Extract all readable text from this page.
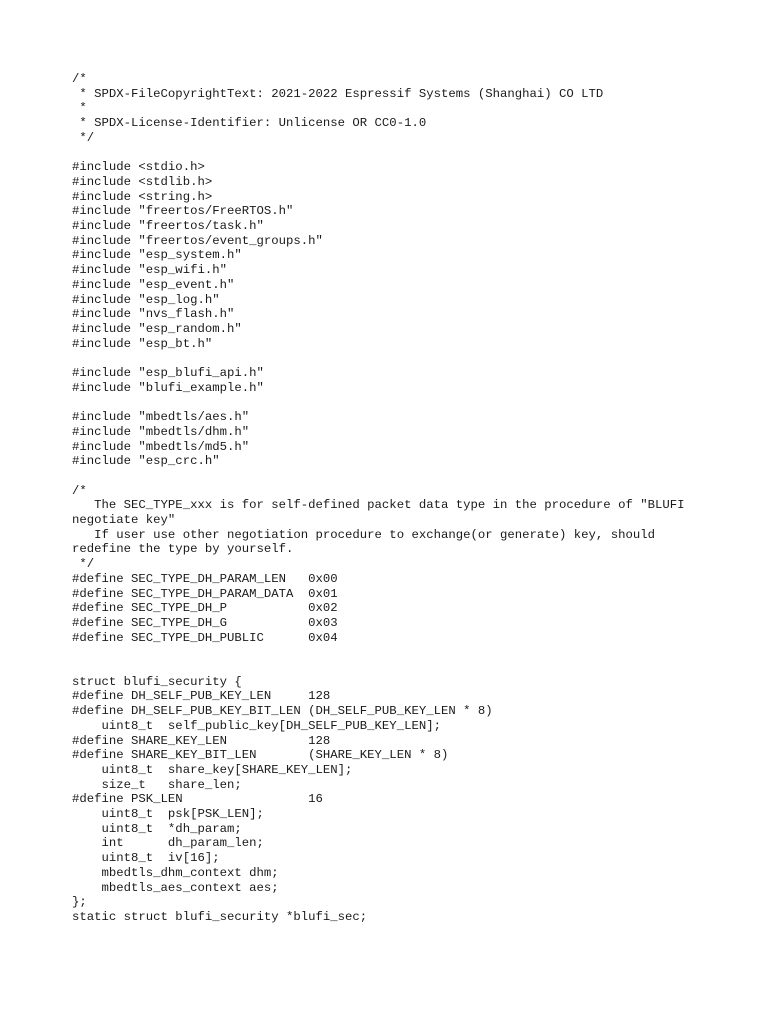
/*
* SPDX-FileCopyrightText: 2021-2022 Espressif Systems (Shanghai) CO LTD
*
* SPDX-License-Identifier: Unlicense OR CC0-1.0
*/
#include <stdio.h>
#include <stdlib.h>
#include <string.h>
#include "freertos/FreeRTOS.h"
#include "freertos/task.h"
#include "freertos/event_groups.h"
#include "esp_system.h"
#include "esp_wifi.h"
#include "esp_event.h"
#include "esp_log.h"
#include "nvs_flash.h"
#include "esp_random.h"
#include "esp_bt.h"
#include "esp_blufi_api.h"
#include "blufi_example.h"
#include "mbedtls/aes.h"
#include "mbedtls/dhm.h"
#include "mbedtls/md5.h"
#include "esp_crc.h"
/*
The SEC_TYPE_xxx is for self-defined packet data type in the procedure of "BLUFI
negotiate key"
If user use other negotiation procedure to exchange(or generate) key, should
redefine the type by yourself.
*/
#define SEC_TYPE_DH_PARAM_LEN   0x00
#define SEC_TYPE_DH_PARAM_DATA  0x01
#define SEC_TYPE_DH_P           0x02
#define SEC_TYPE_DH_G           0x03
#define SEC_TYPE_DH_PUBLIC      0x04
struct blufi_security {
#define DH_SELF_PUB_KEY_LEN     128
#define DH_SELF_PUB_KEY_BIT_LEN (DH_SELF_PUB_KEY_LEN * 8)
uint8_t  self_public_key[DH_SELF_PUB_KEY_LEN];
#define SHARE_KEY_LEN           128
#define SHARE_KEY_BIT_LEN       (SHARE_KEY_LEN * 8)
uint8_t  share_key[SHARE_KEY_LEN];
size_t   share_len;
#define PSK_LEN                 16
uint8_t  psk[PSK_LEN];
uint8_t  *dh_param;
int      dh_param_len;
uint8_t  iv[16];
mbedtls_dhm_context dhm;
mbedtls_aes_context aes;
};
static struct blufi_security *blufi_sec;
